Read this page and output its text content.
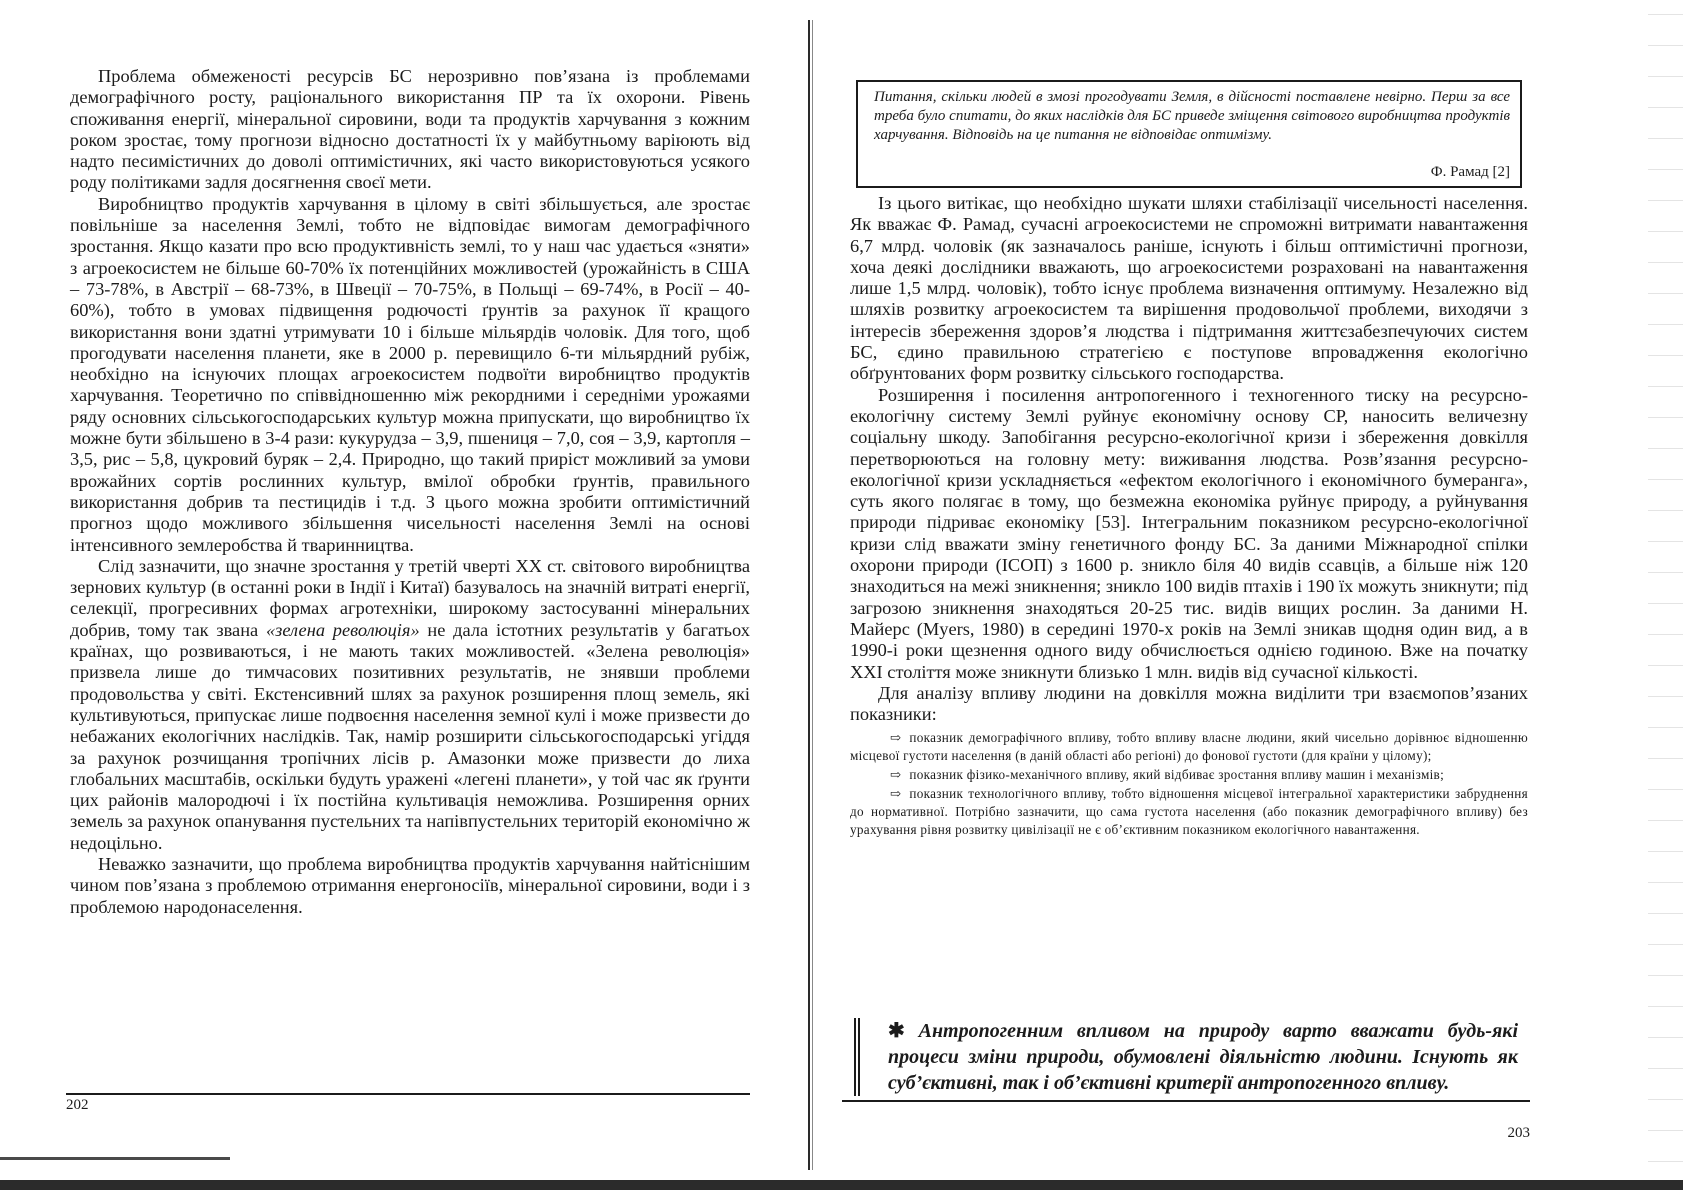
Проблема обмеженості ресурсів БС нерозривно пов’язана із проблемами демографічного росту, раціонального використання ПР та їх охорони. Рівень споживання енергії, мінеральної сировини, води та продуктів харчування з кожним роком зростає, тому прогнози відносно достатності їх у майбутньому варіюють від надто песимістичних до доволі оптимістичних, які часто використовуються усякого роду політиками задля досягнення своєї мети.

Виробництво продуктів харчування в цілому в світі збільшується, але зростає повільніше за населення Землі, тобто не відповідає вимогам демографічного зростання. Якщо казати про всю продуктивність землі, то у наш час удається «зняти» з агроекосистем не більше 60-70% їх потенційних можливостей (урожайність в США – 73-78%, в Австрії – 68-73%, в Швеції – 70-75%, в Польщі – 69-74%, в Росії – 40-60%), тобто в умовах підвищення родючості ґрунтів за рахунок її кращого використання вони здатні утримувати 10 і більше мільярдів чоловік. Для того, щоб прогодувати населення планети, яке в 2000 р. перевищило 6-ти мільярдний рубіж, необхідно на існуючих площах агроекосистем подвоїти виробництво продуктів харчування. Теоретично по співвідношенню між рекордними і середніми урожаями ряду основних сільськогосподарських культур можна припускати, що виробництво їх можне бути збільшено в 3-4 рази: кукурудза – 3,9, пшениця – 7,0, соя – 3,9, картопля – 3,5, рис – 5,8, цукровий буряк – 2,4. Природно, що такий приріст можливий за умови врожайних сортів рослинних культур, вмілої обробки ґрунтів, правильного використання добрив та пестицидів і т.д. З цього можна зробити оптимістичний прогноз щодо можливого збільшення чисельності населення Землі на основі інтенсивного землеробства й тваринництва.

Слід зазначити, що значне зростання у третій чверті XX ст. світового виробництва зернових культур (в останні роки в Індії і Китаї) базувалось на значній витраті енергії, селекції, прогресивних формах агротехніки, широкому застосуванні мінеральних добрив, тому так звана «зелена революція» не дала істотних результатів у багатьох країнах, що розвиваються, і не мають таких можливостей. «Зелена революція» призвела лише до тимчасових позитивних результатів, не знявши проблеми продовольства у світі. Екстенсивний шлях за рахунок розширення площ земель, які культивуються, припускає лише подвоєння населення земної кулі і може призвести до небажаних екологічних наслідків. Так, намір розширити сільськогосподарські угіддя за рахунок розчищання тропічних лісів р. Амазонки може призвести до лиха глобальних масштабів, оскільки будуть уражені «легені планети», у той час як ґрунти цих районів малородючі і їх постійна культивація неможлива. Розширення орних земель за рахунок опанування пустельних та напівпустельних територій економічно ж недоцільно.

Неважко зазначити, що проблема виробництва продуктів харчування найтіснішим чином пов’язана з проблемою отримання енергоносіїв, мінеральної сировини, води і з проблемою народонаселення.

202

Питання, скільки людей в змозі прогодувати Земля, в дійсності поставлене невірно. Перш за все треба було спитати, до яких наслідків для БС приведе зміщення світового виробництва продуктів харчування. Відповідь на це питання не відповідає оптимізму.

Ф. Рамад [2]

Із цього витікає, що необхідно шукати шляхи стабілізації чисельності населення. Як вважає Ф. Рамад, сучасні агроекосистеми не спроможні витримати навантаження 6,7 млрд. чоловік (як зазначалось раніше, існують і більш оптимістичні прогнози, хоча деякі дослідники вважають, що агроекосистеми розраховані на навантаження лише 1,5 млрд. чоловік), тобто існує проблема визначення оптимуму. Незалежно від шляхів розвитку агроекосистем та вирішення продовольчої проблеми, виходячи з інтересів збереження здоров’я людства і підтримання життєзабезпечуючих систем БС, єдино правильною стратегією є поступове впровадження екологічно обґрунтованих форм розвитку сільського господарства.

Розширення і посилення антропогенного і техногенного тиску на ресурсно-екологічну систему Землі руйнує економічну основу СР, наносить величезну соціальну шкоду. Запобігання ресурсно-екологічної кризи і збереження довкілля перетворюються на головну мету: виживання людства. Розв’язання ресурсно-екологічної кризи ускладняється «ефектом екологічного і економічного бумеранга», суть якого полягає в тому, що безмежна економіка руйнує природу, а руйнування природи підриває економіку [53]. Інтегральним показником ресурсно-екологічної кризи слід вважати зміну генетичного фонду БС. За даними Міжнародної спілки охорони природи (ІСОП) з 1600 р. зникло біля 40 видів ссавців, а більше ніж 120 знаходиться на межі зникнення; зникло 100 видів птахів і 190 їх можуть зникнути; під загрозою зникнення знаходяться 20-25 тис. видів вищих рослин. За даними Н. Майерс (Myers, 1980) в середині 1970-х років на Землі зникав щодня один вид, а в 1990-і роки щезнення одного виду обчислюється однією годиною. Вже на початку XXI століття може зникнути близько 1 млн. видів від сучасної кількості.

Для аналізу впливу людини на довкілля можна виділити три взаємопов’язаних показники:

⇨ показник демографічного впливу, тобто впливу власне людини, який чисельно дорівнює відношенню місцевої густоти населення (в даній області або регіоні) до фонової густоти (для країни у цілому);

⇨ показник фізико-механічного впливу, який відбиває зростання впливу машин і механізмів;

⇨ показник технологічного впливу, тобто відношення місцевої інтегральної характеристики забруднення до нормативної. Потрібно зазначити, що сама густота населення (або показник демографічного впливу) без урахування рівня розвитку цивілізації не є об’єктивним показником екологічного навантаження.

✱ Антропогенним впливом на природу варто вважати будь-які процеси зміни природи, обумовлені діяльністю людини. Існують як суб’єктивні, так і об’єктивні критерії антропогенного впливу.
203
